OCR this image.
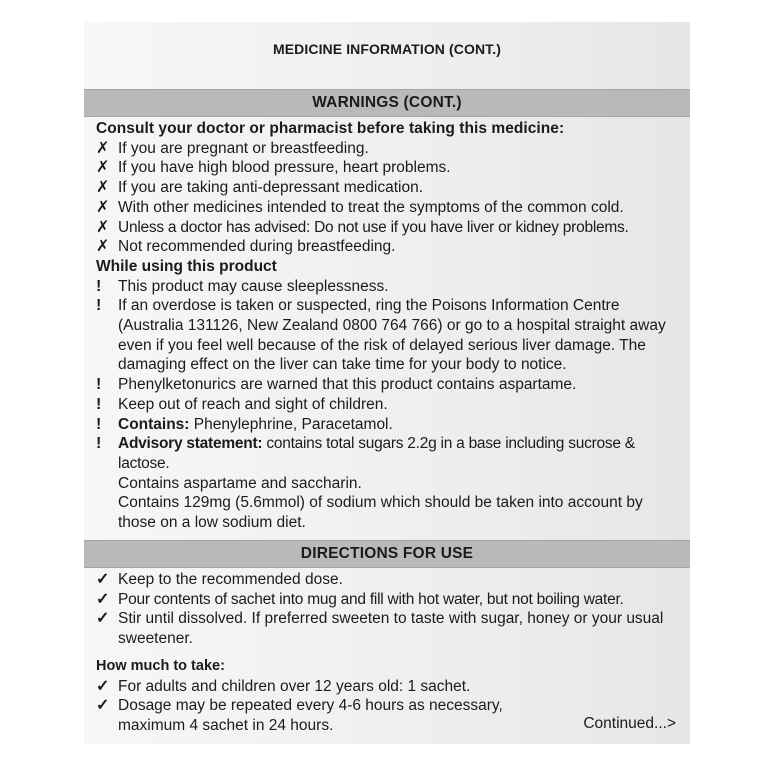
MEDICINE INFORMATION (CONT.)
WARNINGS (CONT.)
Consult your doctor or pharmacist before taking this medicine:
✗ If you are pregnant or breastfeeding.
✗ If you have high blood pressure, heart problems.
✗ If you are taking anti-depressant medication.
✗ With other medicines intended to treat the symptoms of the common cold.
✗ Unless a doctor has advised: Do not use if you have liver or kidney problems.
✗ Not recommended during breastfeeding.
While using this product
!	This product may cause sleeplessness.
!	If an overdose is taken or suspected, ring the Poisons Information Centre (Australia 131126, New Zealand 0800 764 766) or go to a hospital straight away even if you feel well because of the risk of delayed serious liver damage. The damaging effect on the liver can take time for your body to notice.
!	Phenylketonurics are warned that this product contains aspartame.
!	Keep out of reach and sight of children.
!	Contains: Phenylephrine, Paracetamol.
!	Advisory statement: contains total sugars 2.2g in a base including sucrose & lactose.
Contains aspartame and saccharin.
Contains 129mg (5.6mmol) of sodium which should be taken into account by those on a low sodium diet.
DIRECTIONS FOR USE
✓ Keep to the recommended dose.
✓ Pour contents of sachet into mug and fill with hot water, but not boiling water.
✓ Stir until dissolved. If preferred sweeten to taste with sugar, honey or your usual sweetener.
How much to take:
✓ For adults and children over 12 years old: 1 sachet.
✓ Dosage may be repeated every 4-6 hours as necessary, maximum 4 sachet in 24 hours.	Continued...>
